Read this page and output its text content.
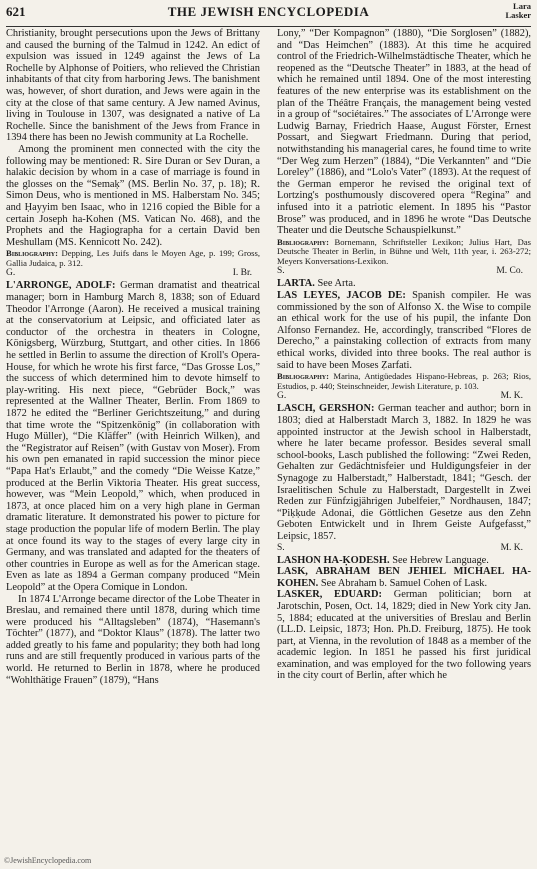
621	THE JEWISH ENCYCLOPEDIA	Lara
Lasker

Christianity, brought persecutions upon the Jews of Brittany and caused the burning of the Talmud in 1242. An edict of expulsion was issued in 1249 against the Jews of La Rochelle by Alphonse of Poitiers, who relieved the Christian inhabitants of that city from harboring Jews. The banishment was, however, of short duration, and Jews were again in the city at the close of that same century. A Jew named Avinus, living in Toulouse in 1307, was designated a native of La Rochelle. Since the banishment of the Jews from France in 1394 there has been no Jewish community at La Rochelle.

Among the prominent men connected with the city the following may be mentioned: R. Sire Duran or Sev Duran, a halakic decision by whom in a case of marriage is found in the glosses on the “Semaḳ” (MS. Berlin No. 37, p. 18); R. Simon Deus, who is mentioned in MS. Halberstam No. 345; and Ḥayyim ben Isaac, who in 1216 copied the Bible for a certain Joseph ha-Kohen (MS. Vatican No. 468), and the Prophets and the Hagiographa for a certain David ben Meshullam (MS. Kennicott No. 242).

Bibliography: Depping, Les Juifs dans le Moyen Age, p. 199; Gross, Gallia Judaica, p. 312.

G.	I. Br.

L'ARRONGE, ADOLF: German dramatist and theatrical manager; born in Hamburg March 8, 1838; son of Eduard Theodor l'Arronge (Aaron). He received a musical training at the conservatorium at Leipsic, and officiated later as conductor of the orchestra in theaters in Cologne, Königsberg, Würzburg, Stuttgart, and other cities. In 1866 he settled in Berlin to assume the direction of Kroll's Opera-House, for which he wrote his first farce, “Das Grosse Los,” the success of which determined him to devote himself to play-writing. His next piece, “Gebrüder Bock,” was represented at the Wallner Theater, Berlin. From 1869 to 1872 he edited the “Berliner Gerichtszeitung,” and during that time wrote the “Spitzenkönig” (in collaboration with Hugo Müller), “Die Kläffer” (with Heinrich Wilken), and the “Registrator auf Reisen” (with Gustav von Moser). From his own pen emanated in rapid succession the minor piece “Papa Hat's Erlaubt,” and the comedy “Die Weisse Katze,” produced at the Berlin Viktoria Theater. His great success, however, was “Mein Leopold,” which, when produced in 1873, at once placed him on a very high plane in German dramatic literature. It demonstrated his power to picture for stage production the popular life of modern Berlin. The play at once found its way to the stages of every large city in Germany, and was translated and adapted for the theaters of other countries in Europe as well as for the American stage. Even as late as 1894 a German company produced “Mein Leopold” at the Opera Comique in London.

In 1874 L'Arronge became director of the Lobe Theater in Breslau, and remained there until 1878, during which time were produced his “Alltagsleben” (1874), “Hasemann's Töchter” (1877), and “Doktor Klaus” (1878). The latter two added greatly to his fame and popularity; they both had long runs and are still frequently produced in various parts of the world. He returned to Berlin in 1878, where he produced “Wohlthätige Frauen” (1879), “Hans

Lony,” “Der Kompagnon” (1880), “Die Sorglosen” (1882), and “Das Heimchen” (1883). At this time he acquired control of the Friedrich-Wilhelmstädtische Theater, which he reopened as the “Deutsche Theater” in 1883, at the head of which he remained until 1894. One of the most interesting features of the new enterprise was its establishment on the plan of the Théâtre Français, the management being vested in a group of “sociétaires.” The associates of L'Arronge were Ludwig Barnay, Friedrich Haase, August Förster, Ernest Possart, and Siegwart Friedmann. During that period, notwithstanding his managerial cares, he found time to write “Der Weg zum Herzen” (1884), “Die Verkannten” and “Die Loreley” (1886), and “Lolo's Vater” (1893). At the request of the German emperor he revised the original text of Lortzing's posthumously discovered opera “Regina” and infused into it a patriotic element. In 1895 his “Pastor Brose” was produced, and in 1896 he wrote “Das Deutsche Theater und die Deutsche Schauspielkunst.”

Bibliography: Bornemann, Schriftsteller Lexikon; Julius Hart, Das Deutsche Theater in Berlin, in Bühne und Welt, 11th year, i. 263-272; Meyers Konversations-Lexikon.

S.	M. Co.

LARTA. See Arta.

LAS LEYES, JACOB DE: Spanish compiler. He was commissioned by the son of Alfonso X. the Wise to compile an ethical work for the use of his pupil, the infante Don Alfonso Fernandez. He, accordingly, transcribed “Flores de Derecho,” a painstaking collection of extracts from many ethical works, divided into three books. The real author is said to have been Moses Ẓarfati.

Bibliography: Marina, Antigüedades Hispano-Hebreas, p. 263; Rios, Estudios, p. 440; Steinschneider, Jewish Literature, p. 103.

G.	M. K.

LASCH, GERSHON: German teacher and author; born in 1803; died at Halberstadt March 3, 1882. In 1829 he was appointed instructor at the Jewish school in Halberstadt, where he later became professor. Besides several small school-books, Lasch published the following: “Zwei Reden, Gehalten zur Gedächtnisfeier und Huldigungsfeier in der Synagoge zu Halberstadt,” Halberstadt, 1841; “Gesch. der Israelitischen Schule zu Halberstadt, Dargestellt in Zwei Reden zur Fünfzigjährigen Jubelfeier,” Nordhausen, 1847; “Piḳḳude Adonai, die Göttlichen Gesetze aus den Zehn Geboten Entwickelt und in Ihrem Geiste Aufgefasst,” Leipsic, 1857.

S.	M. K.

LASHON HA-ḲODESH. See Hebrew Language.

LASK, ABRAHAM BEN JEHIEL MICHAEL HA-KOHEN. See Abraham b. Samuel Cohen of Lask.

LASKER, EDUARD: German politician; born at Jarotschin, Posen, Oct. 14, 1829; died in New York city Jan. 5, 1884; educated at the universities of Breslau and Berlin (LL.D. Leipsic, 1873; Hon. Ph.D. Freiburg, 1875). He took part, at Vienna, in the revolution of 1848 as a member of the academic legion. In 1851 he passed his first juridical examination, and was employed for the two following years in the city court of Berlin, after which he

©JewishEncyclopedia.com
